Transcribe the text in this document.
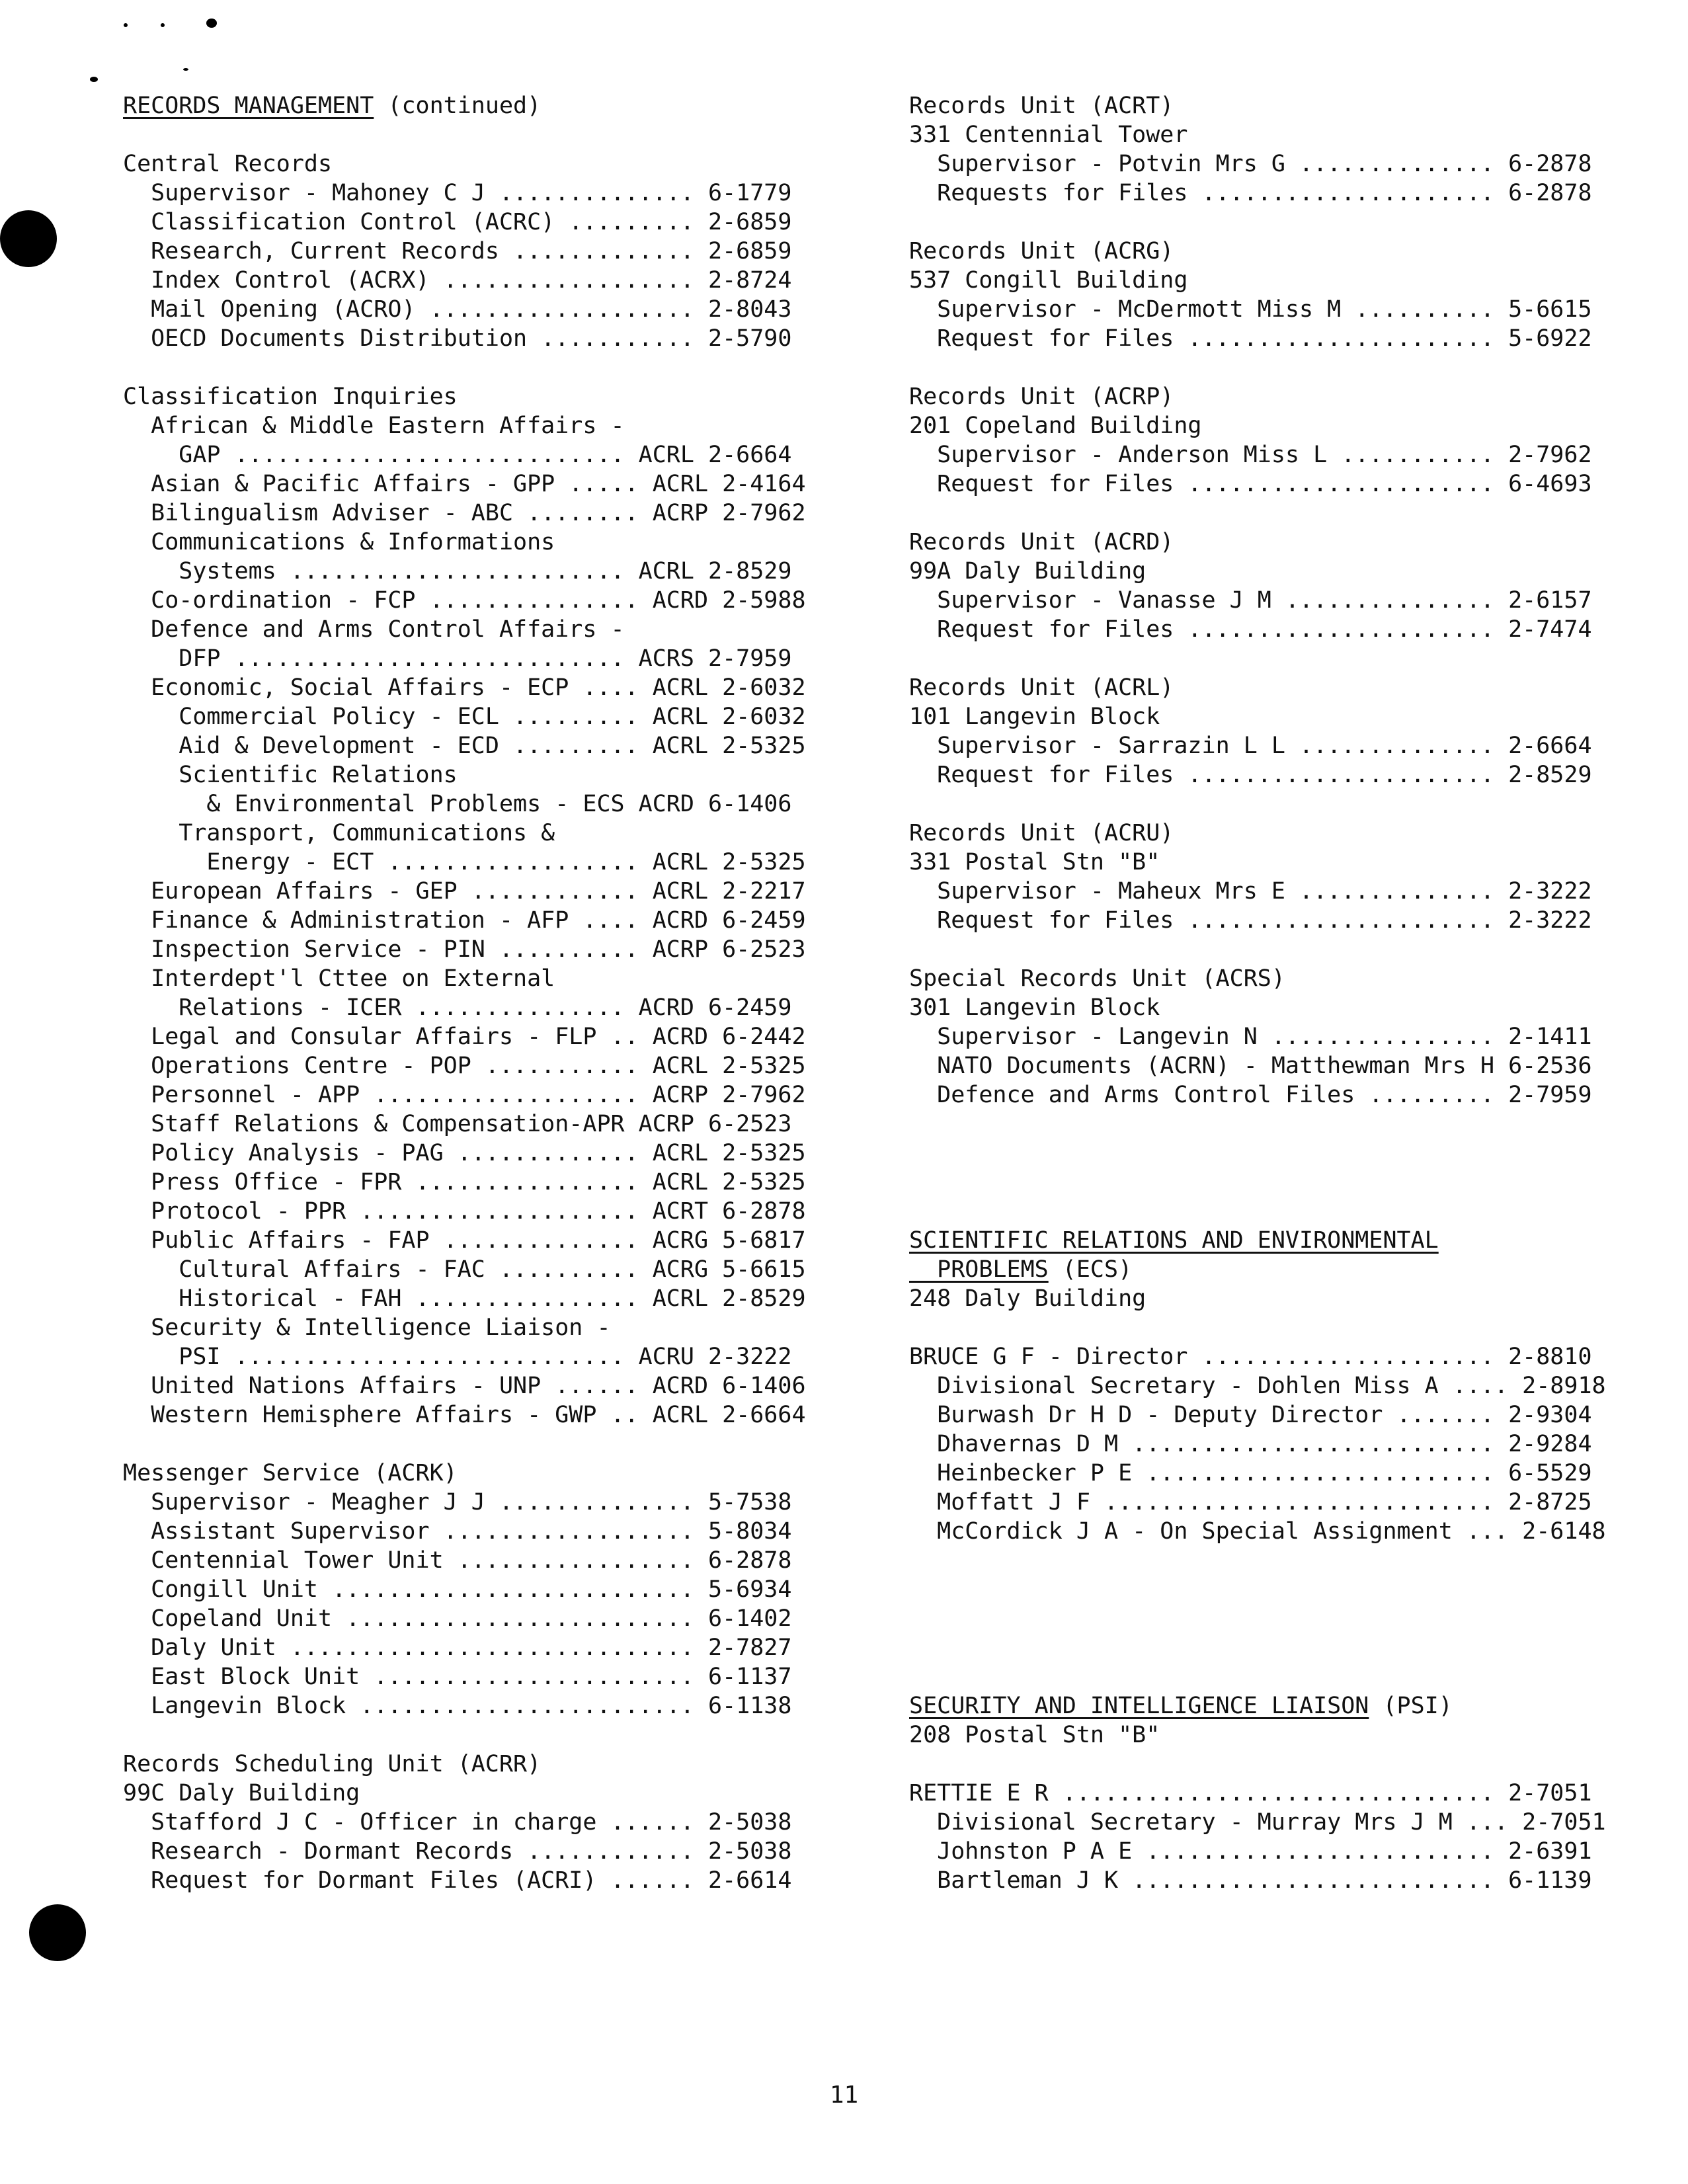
RECORDS MANAGEMENT (continued)
Central Records
Supervisor - Mahoney C J .............. 6-1779
Classification Control (ACRC) ......... 2-6859
Research, Current Records ............. 2-6859
Index Control (ACRX) .................. 2-8724
Mail Opening (ACRO) ................... 2-8043
OECD Documents Distribution ........... 2-5790
Classification Inquiries
African & Middle Eastern Affairs -
GAP ............................ ACRL 2-6664
Asian & Pacific Affairs - GPP ..... ACRL 2-4164
Bilingualism Adviser - ABC ........ ACRP 2-7962
Communications & Informations
Systems ........................ ACRL 2-8529
Co-ordination - FCP ............... ACRD 2-5988
Defence and Arms Control Affairs -
DFP ............................ ACRS 2-7959
Economic, Social Affairs - ECP .... ACRL 2-6032
Commercial Policy - ECL ......... ACRL 2-6032
Aid & Development - ECD ......... ACRL 2-5325
Scientific Relations
& Environmental Problems - ECS ACRD 6-1406
Transport, Communications &
Energy - ECT .................. ACRL 2-5325
European Affairs - GEP ............ ACRL 2-2217
Finance & Administration - AFP .... ACRD 6-2459
Inspection Service - PIN .......... ACRP 6-2523
Interdept'l Cttee on External
Relations - ICER ............... ACRD 6-2459
Legal and Consular Affairs - FLP .. ACRD 6-2442
Operations Centre - POP ........... ACRL 2-5325
Personnel - APP ................... ACRP 2-7962
Staff Relations & Compensation-APR ACRP 6-2523
Policy Analysis - PAG ............. ACRL 2-5325
Press Office - FPR ................ ACRL 2-5325
Protocol - PPR .................... ACRT 6-2878
Public Affairs - FAP .............. ACRG 5-6817
Cultural Affairs - FAC .......... ACRG 5-6615
Historical - FAH ................ ACRL 2-8529
Security & Intelligence Liaison -
PSI ............................ ACRU 2-3222
United Nations Affairs - UNP ...... ACRD 6-1406
Western Hemisphere Affairs - GWP .. ACRL 2-6664
Messenger Service (ACRK)
Supervisor - Meagher J J .............. 5-7538
Assistant Supervisor .................. 5-8034
Centennial Tower Unit ................. 6-2878
Congill Unit .......................... 5-6934
Copeland Unit ......................... 6-1402
Daly Unit ............................. 2-7827
East Block Unit ....................... 6-1137
Langevin Block ........................ 6-1138
Records Scheduling Unit (ACRR)
99C Daly Building
Stafford J C - Officer in charge ...... 2-5038
Research - Dormant Records ............ 2-5038
Request for Dormant Files (ACRI) ...... 2-6614
Records Unit (ACRT)
331 Centennial Tower
Supervisor - Potvin Mrs G .............. 6-2878
Requests for Files ..................... 6-2878
Records Unit (ACRG)
537 Congill Building
Supervisor - McDermott Miss M .......... 5-6615
Request for Files ...................... 5-6922
Records Unit (ACRP)
201 Copeland Building
Supervisor - Anderson Miss L ........... 2-7962
Request for Files ...................... 6-4693
Records Unit (ACRD)
99A Daly Building
Supervisor - Vanasse J M ............... 2-6157
Request for Files ...................... 2-7474
Records Unit (ACRL)
101 Langevin Block
Supervisor - Sarrazin L L .............. 2-6664
Request for Files ...................... 2-8529
Records Unit (ACRU)
331 Postal Stn "B"
Supervisor - Maheux Mrs E .............. 2-3222
Request for Files ...................... 2-3222
Special Records Unit (ACRS)
301 Langevin Block
Supervisor - Langevin N ................ 2-1411
NATO Documents (ACRN) - Matthewman Mrs H 6-2536
Defence and Arms Control Files ......... 2-7959
SCIENTIFIC RELATIONS AND ENVIRONMENTAL
PROBLEMS (ECS)
248 Daly Building
BRUCE G F - Director ..................... 2-8810
Divisional Secretary - Dohlen Miss A .... 2-8918
Burwash Dr H D - Deputy Director ....... 2-9304
Dhavernas D M .......................... 2-9284
Heinbecker P E ......................... 6-5529
Moffatt J F ............................ 2-8725
McCordick J A - On Special Assignment ... 2-6148
SECURITY AND INTELLIGENCE LIAISON (PSI)
208 Postal Stn "B"
RETTIE E R ............................... 2-7051
Divisional Secretary - Murray Mrs J M ... 2-7051
Johnston P A E ......................... 2-6391
Bartleman J K .......................... 6-1139
11
